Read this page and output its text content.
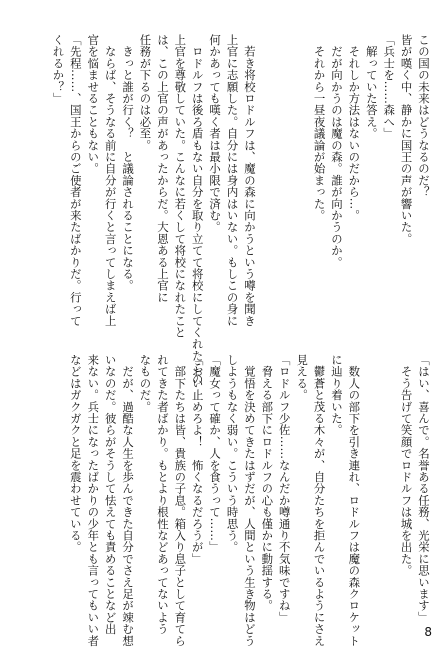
この国の未来はどうなるのだ？
皆が嘆く中、静かに国王の声が響いた。
「兵士を……森へ」
　解っていた答え。
　それしか方法はないのだから…。
　だが向かうのは魔の森。誰が向かうのか。
　それから一昼夜議論が始まった。

　若き将校ロドルフは、魔の森に向かうという噂を聞き
上官に志願した。自分には身内はいない。もしこの身に
何かあっても嘆く者は最小限で済む。
　ロドルフは後ろ盾もない自分を取り立てて将校にしてくれたこの
上官を尊敬していた。こんなに若くして将校になれたこと
は、この上官の声があったからだ。大恩ある上官に
任務が下るのは必至。
　きっと誰が行く？　と議論されることになる。
　ならば、そうなる前に自分が行くと言ってしまえば上
官を悩ませることもない。
「先程……、国王からのご使者が来たばかりだ。行って
くれるか？」
「はい、喜んで。名誉ある任務、光栄に思います」
　そう告げて笑顔でロドルフは城を出た。

　数人の部下を引き連れ、ロドルフは魔の森クロケット
に辿り着いた。
　鬱蒼と茂る木々が、自分たちを拒んでいるようにさえ
見える。
「ロドルフ少佐……なんだか噂通り不気味ですね」
　脅える部下にロドルフの心も僅かに動揺する。
　覚悟を決めてきたはずだが、人間という生き物はどう
しようもなく弱い。こういう時思う。
「魔女って確か、人を食うって……」
「おい止めろよ！　怖くなるだろうが」
　部下たちは皆、貴族の子息。箱入り息子として育てら
れてきた者ばかり。もとより根性などあってないよう
なものだ。
　だが、過酷な人生を歩んできた自分でさえ足が竦む想
いなのだ。彼らがそうして怯えても責めることなど出
来ない。兵士になったばかりの少年とも言ってもいい者
などはガクガクと足を震わせている。
8
